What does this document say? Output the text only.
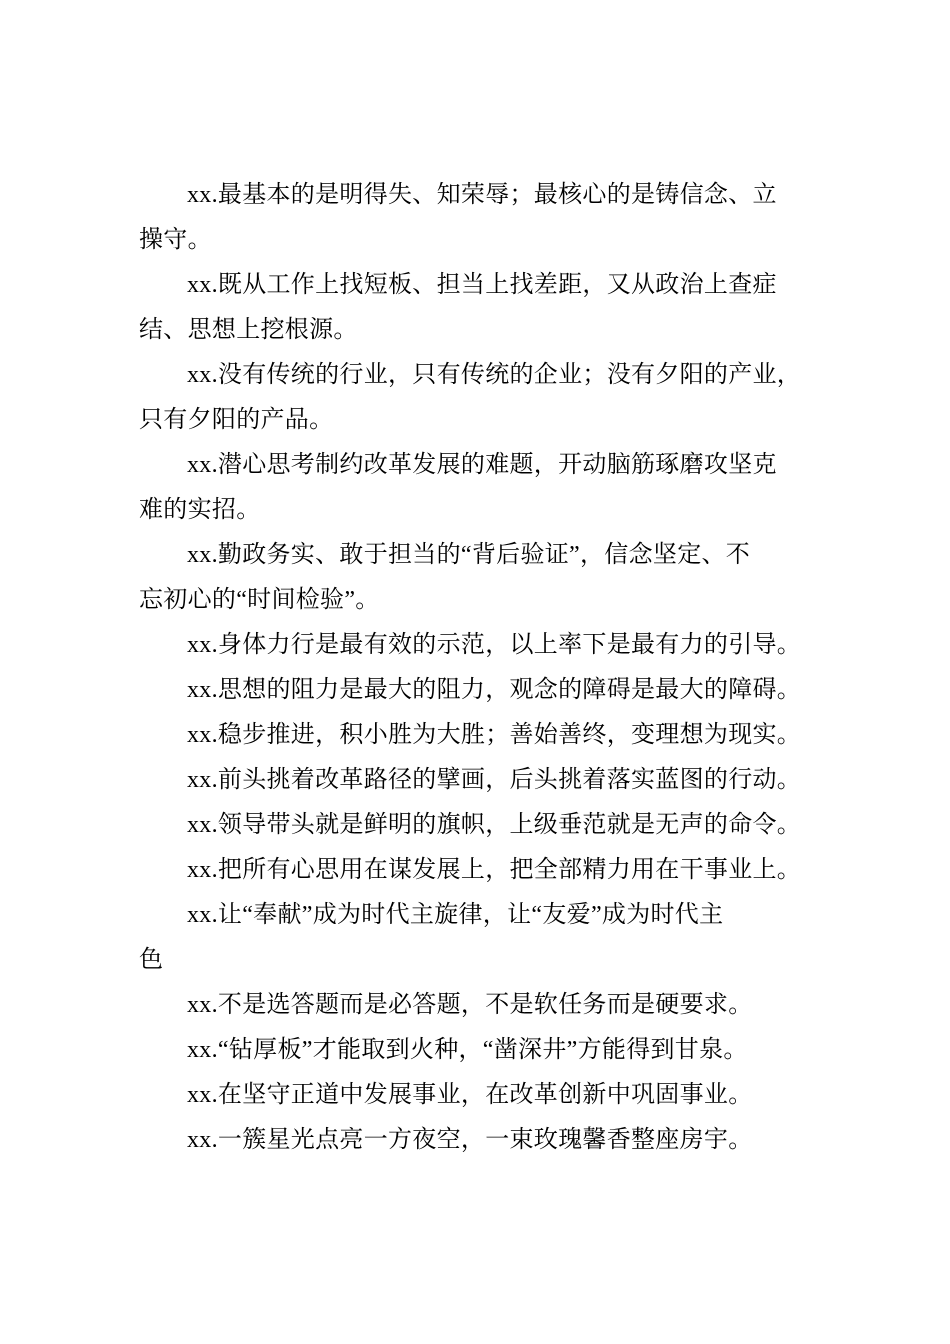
xx.最基本的是明得失、知荣辱；最核心的是铸信念、立
操守。
xx.既从工作上找短板、担当上找差距，又从政治上查症
结、思想上挖根源。
xx.没有传统的行业，只有传统的企业；没有夕阳的产业，
只有夕阳的产品。
xx.潜心思考制约改革发展的难题，开动脑筋琢磨攻坚克
难的实招。
xx.勤政务实、敢于担当的“背后验证”，信念坚定、不
忘初心的“时间检验”。
xx.身体力行是最有效的示范，以上率下是最有力的引导。
xx.思想的阻力是最大的阻力，观念的障碍是最大的障碍。
xx.稳步推进，积小胜为大胜；善始善终，变理想为现实。
xx.前头挑着改革路径的擘画，后头挑着落实蓝图的行动。
xx.领导带头就是鲜明的旗帜，上级垂范就是无声的命令。
xx.把所有心思用在谋发展上，把全部精力用在干事业上。
xx.让“奉献”成为时代主旋律，让“友爱”成为时代主
色
xx.不是选答题而是必答题，不是软任务而是硬要求。
xx.“钻厚板”才能取到火种，“凿深井”方能得到甘泉。
xx.在坚守正道中发展事业，在改革创新中巩固事业。
xx.一簇星光点亮一方夜空，一束玫瑰馨香整座房宇。
